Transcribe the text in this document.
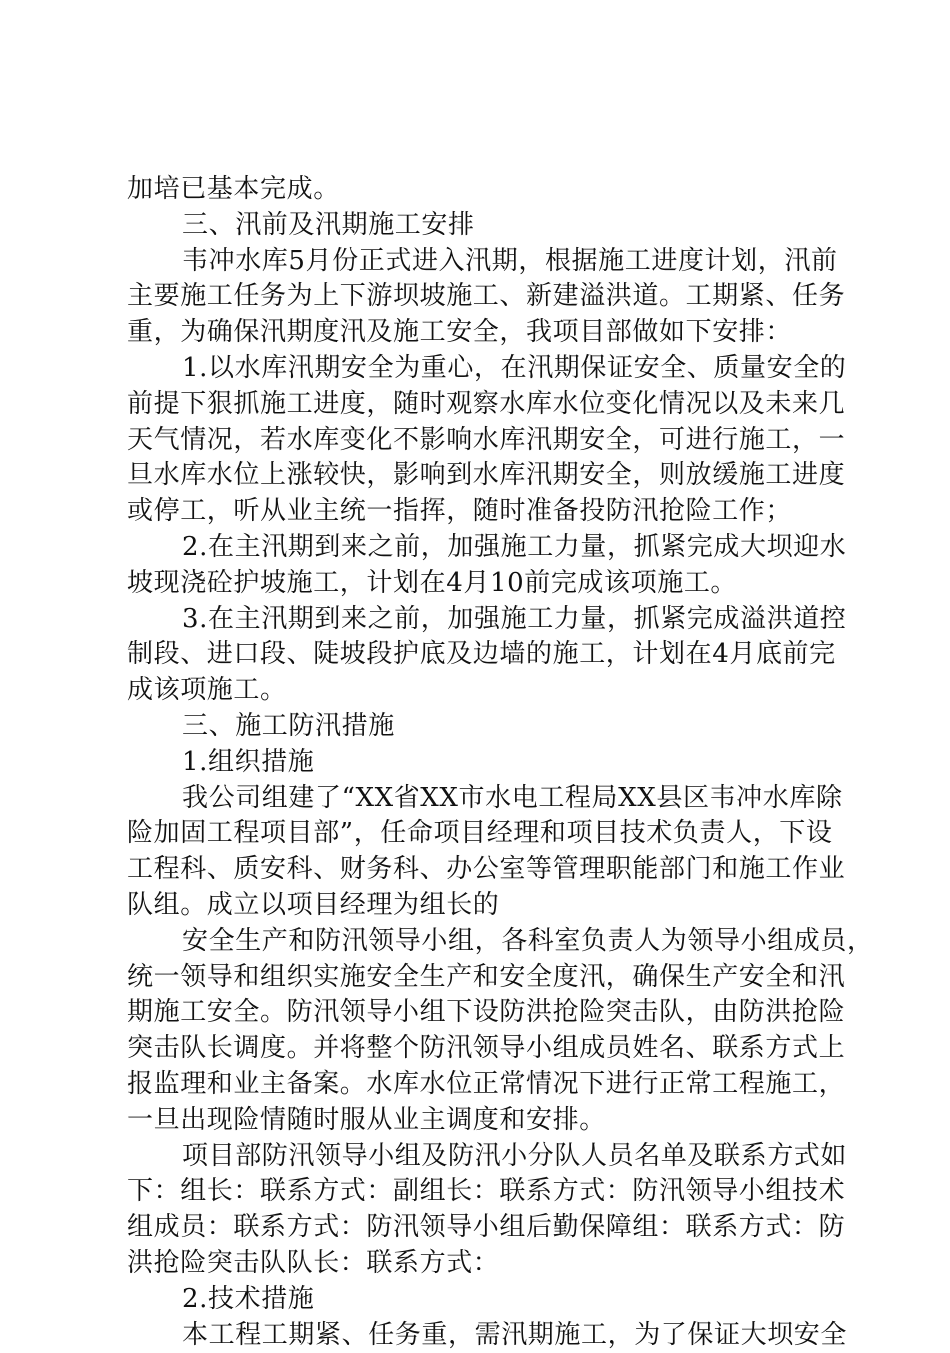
加培已基本完成。
三、汛前及汛期施工安排
韦冲水库5月份正式进入汛期，根据施工进度计划，汛前
主要施工任务为上下游坝坡施工、新建溢洪道。工期紧、任务
重，为确保汛期度汛及施工安全，我项目部做如下安排：
1.以水库汛期安全为重心，在汛期保证安全、质量安全的
前提下狠抓施工进度，随时观察水库水位变化情况以及未来几
天气情况，若水库变化不影响水库汛期安全，可进行施工，一
旦水库水位上涨较快，影响到水库汛期安全，则放缓施工进度
或停工，听从业主统一指挥，随时准备投防汛抢险工作；
2.在主汛期到来之前，加强施工力量，抓紧完成大坝迎水
坡现浇砼护坡施工，计划在4月10前完成该项施工。
3.在主汛期到来之前，加强施工力量，抓紧完成溢洪道控
制段、进口段、陡坡段护底及边墙的施工，计划在4月底前完
成该项施工。
三、施工防汛措施
1.组织措施
我公司组建了“XX省XX市水电工程局XX县区韦冲水库除
险加固工程项目部”，任命项目经理和项目技术负责人，下设
工程科、质安科、财务科、办公室等管理职能部门和施工作业
队组。成立以项目经理为组长的
安全生产和防汛领导小组，各科室负责人为领导小组成员，
统一领导和组织实施安全生产和安全度汛，确保生产安全和汛
期施工安全。防汛领导小组下设防洪抢险突击队，由防洪抢险
突击队长调度。并将整个防汛领导小组成员姓名、联系方式上
报监理和业主备案。水库水位正常情况下进行正常工程施工，
一旦出现险情随时服从业主调度和安排。
项目部防汛领导小组及防汛小分队人员名单及联系方式如
下：组长：联系方式：副组长：联系方式：防汛领导小组技术
组成员：联系方式：防汛领导小组后勤保障组：联系方式：防
洪抢险突击队队长：联系方式：
2.技术措施
本工程工期紧、任务重，需汛期施工，为了保证大坝安全
